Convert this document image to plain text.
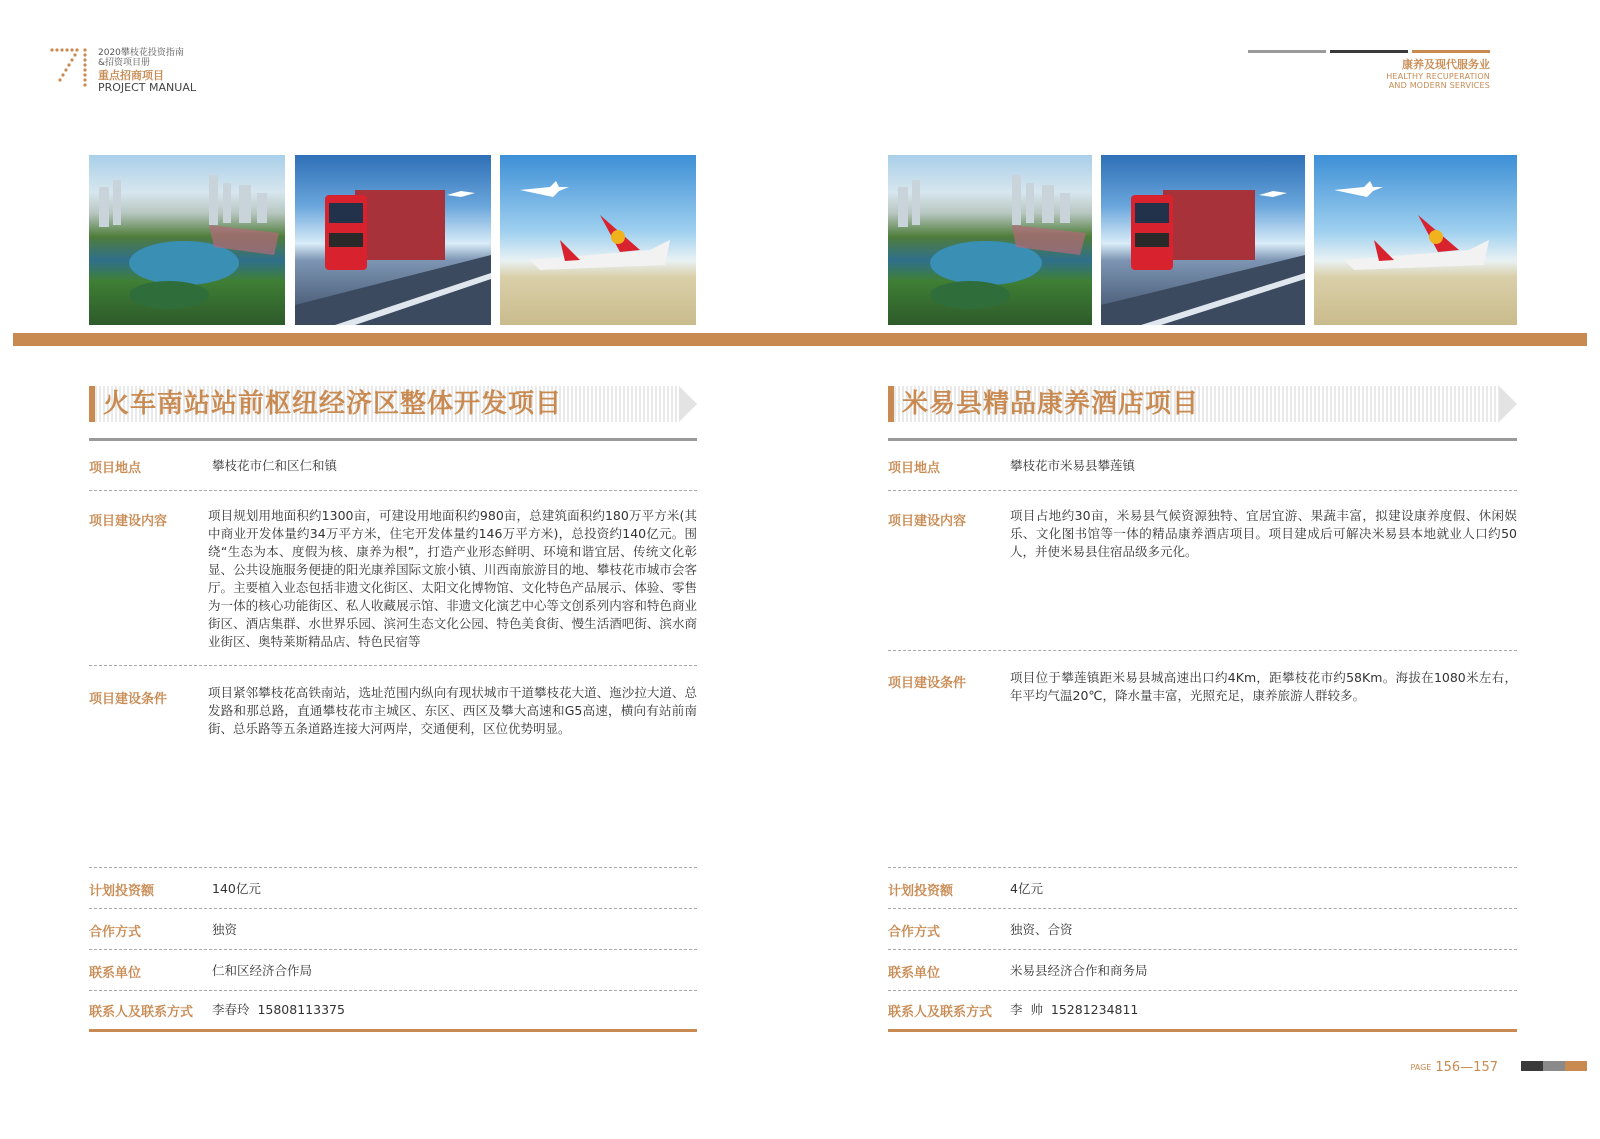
2020攀枝花投资指南
&招资项目册
重点招商项目
PROJECT MANUAL
康养及现代服务业
HEALTHY RECUPERATION
AND MODERN SERVICES
火车南站站前枢纽经济区整体开发项目
项目地点	攀枝花市仁和区仁和镇
项目建设内容	项目规划用地面积约1300亩，可建设用地面积约980亩，总建筑面积约180万平方米(其中商业开发体量约34万平方米，住宅开发体量约146万平方米)，总投资约140亿元。围绕“生态为本、度假为核、康养为根”，打造产业形态鲜明、环境和谐宜居、传统文化彰显、公共设施服务便捷的阳光康养国际文旅小镇、川西南旅游目的地、攀枝花市城市会客厅。主要植入业态包括非遗文化街区、太阳文化博物馆、文化特色产品展示、体验、零售为一体的核心功能街区、私人收藏展示馆、非遗文化演艺中心等文创系列内容和特色商业街区、酒店集群、水世界乐园、滨河生态文化公园、特色美食街、慢生活酒吧街、滨水商业街区、奥特莱斯精品店、特色民宿等
项目建设条件	项目紧邻攀枝花高铁南站，选址范围内纵向有现状城市干道攀枝花大道、迤沙拉大道、总发路和那总路，直通攀枝花市主城区、东区、西区及攀大高速和G5高速，横向有站前南街、总乐路等五条道路连接大河两岸，交通便利，区位优势明显。
计划投资额	140亿元
合作方式	独资
联系单位	仁和区经济合作局
联系人及联系方式 李春玲  15808113375
米易县精品康养酒店项目
项目地点	攀枝花市米易县攀莲镇
项目建设内容	项目占地约30亩，米易县气候资源独特、宜居宜游、果蔬丰富，拟建设康养度假、休闲娱乐、文化图书馆等一体的精品康养酒店项目。项目建成后可解决米易县本地就业人口约50人，并使米易县住宿品级多元化。
项目建设条件	项目位于攀莲镇距米易县城高速出口约4Km，距攀枝花市约58Km。海拔在1080米左右，年平均气温20℃，降水量丰富，光照充足，康养旅游人群较多。
计划投资额	4亿元
合作方式	独资、合资
联系单位	米易县经济合作和商务局
联系人及联系方式 李  帅  15281234811
PAGE 156—157
